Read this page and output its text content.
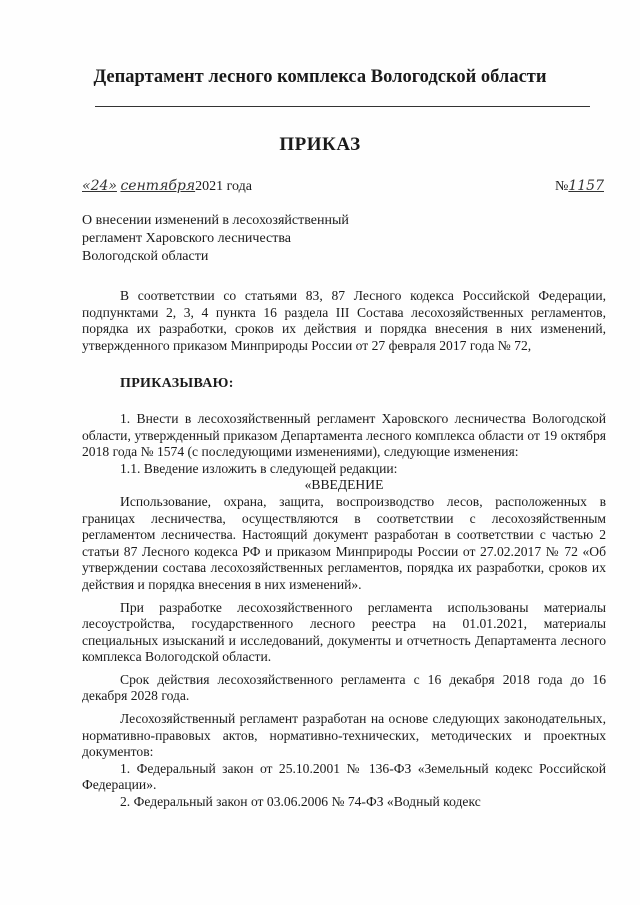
Департамент лесного комплекса Вологодской области
ПРИКАЗ
«24» сентября2021 года	№1157
О внесении изменений в лесохозяйственный
регламент Харовского лесничества
Вологодской области

В соответствии со статьями 83, 87 Лесного кодекса Российской Федерации, подпунктами 2, 3, 4 пункта 16 раздела III Состава лесохозяйственных регламентов, порядка их разработки, сроков их действия и порядка внесения в них изменений, утвержденного приказом Минприроды России от 27 февраля 2017 года № 72,

ПРИКАЗЫВАЮ:

1. Внести в лесохозяйственный регламент Харовского лесничества Вологодской области, утвержденный приказом Департамента лесного комплекса области от 19 октября 2018 года № 1574 (с последующими изменениями), следующие изменения:

1.1. Введение изложить в следующей редакции:

«ВВЕДЕНИЕ

Использование, охрана, защита, воспроизводство лесов, расположенных в границах лесничества, осуществляются в соответствии с лесохозяйственным регламентом лесничества. Настоящий документ разработан в соответствии с частью 2 статьи 87 Лесного кодекса РФ и приказом Минприроды России от 27.02.2017 № 72 «Об утверждении состава лесохозяйственных регламентов, порядка их разработки, сроков их действия и порядка внесения в них изменений».

При разработке лесохозяйственного регламента использованы материалы лесоустройства, государственного лесного реестра на 01.01.2021, материалы специальных изысканий и исследований, документы и отчетность Департамента лесного комплекса Вологодской области.

Срок действия лесохозяйственного регламента с 16 декабря 2018 года до 16 декабря 2028 года.

Лесохозяйственный регламент разработан на основе следующих законодательных, нормативно-правовых актов, нормативно-технических, методических и проектных документов:

1. Федеральный закон от 25.10.2001 № 136-ФЗ «Земельный кодекс Российской Федерации».

2. Федеральный закон от 03.06.2006 № 74-ФЗ «Водный кодекс
